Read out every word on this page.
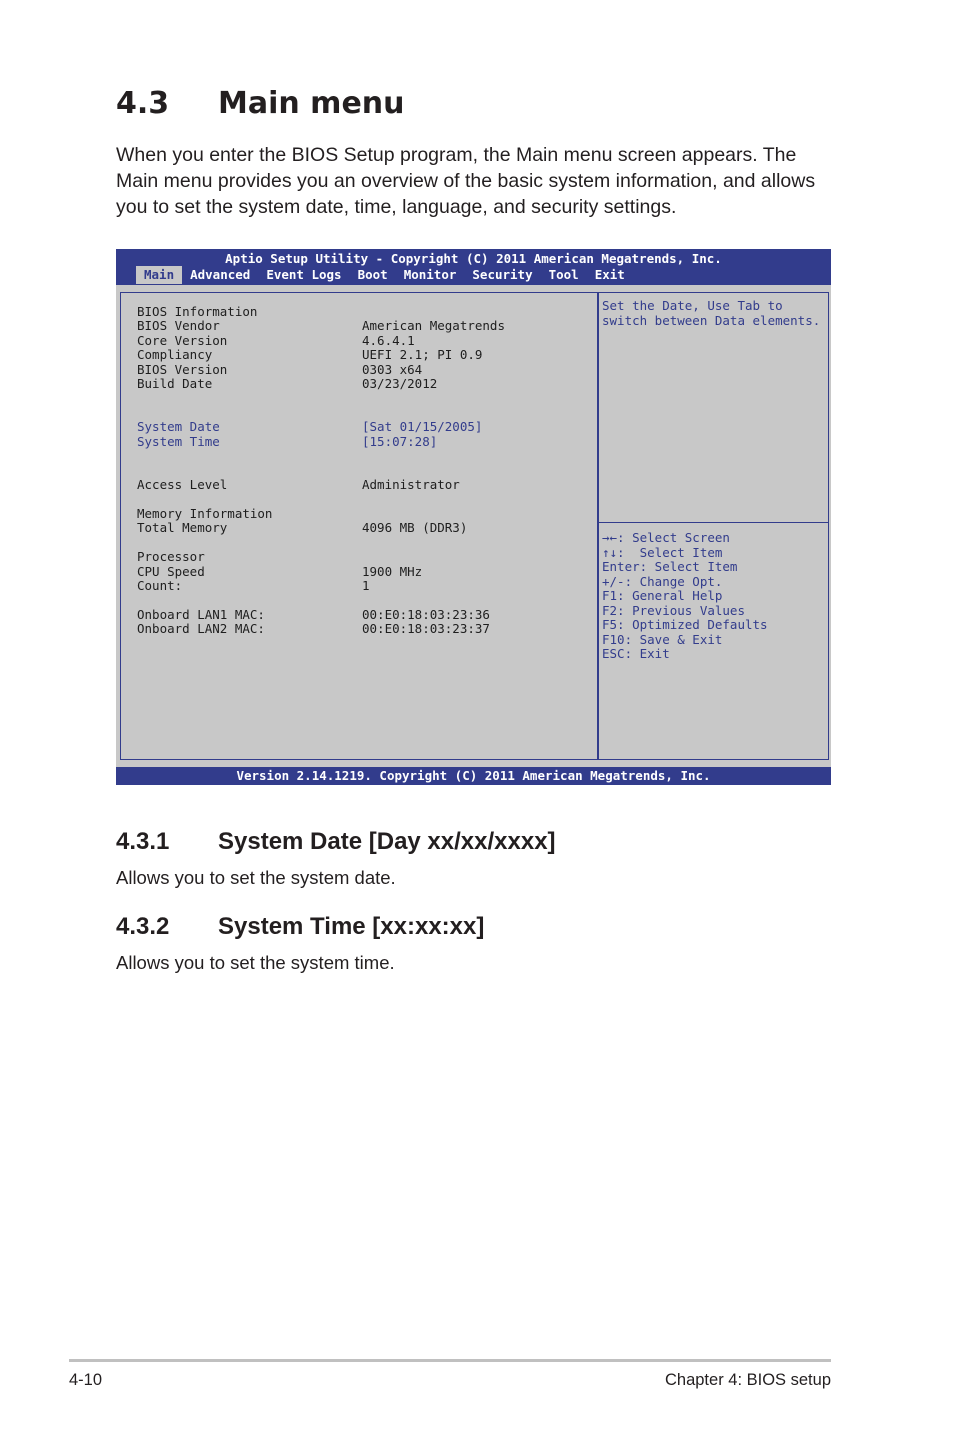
4.3 Main menu

When you enter the BIOS Setup program, the Main menu screen appears. The Main menu provides you an overview of the basic system information, and allows you to set the system date, time, language, and security settings.

Aptio Setup Utility - Copyright (C) 2011 American Megatrends, Inc.
Main	Advanced	Event Logs	Boot	Monitor	Security	Tool	Exit
BIOS Information
BIOS Vendor	American Megatrends
Core Version	4.6.4.1
Compliancy	UEFI 2.1; PI 0.9
BIOS Version	0303 x64
Build Date	03/23/2012
System Date	[Sat 01/15/2005]
System Time	[15:07:28]
Access Level	Administrator
Memory Information
Total Memory	4096 MB (DDR3)
Processor
CPU Speed	1900 MHz
Count:	1
Onboard LAN1 MAC:	00:E0:18:03:23:36
Onboard LAN2 MAC:	00:E0:18:03:23:37
Set the Date, Use Tab to
switch between Data elements.
→←: Select Screen
↑↓:  Select Item
Enter: Select Item
+/-: Change Opt.
F1: General Help
F2: Previous Values
F5: Optimized Defaults
F10: Save & Exit
ESC: Exit
Version 2.14.1219. Copyright (C) 2011 American Megatrends, Inc.
4.3.1 System Date [Day xx/xx/xxxx]

Allows you to set the system date.

4.3.2 System Time [xx:xx:xx]

Allows you to set the system time.

4-10	Chapter 4: BIOS setup
